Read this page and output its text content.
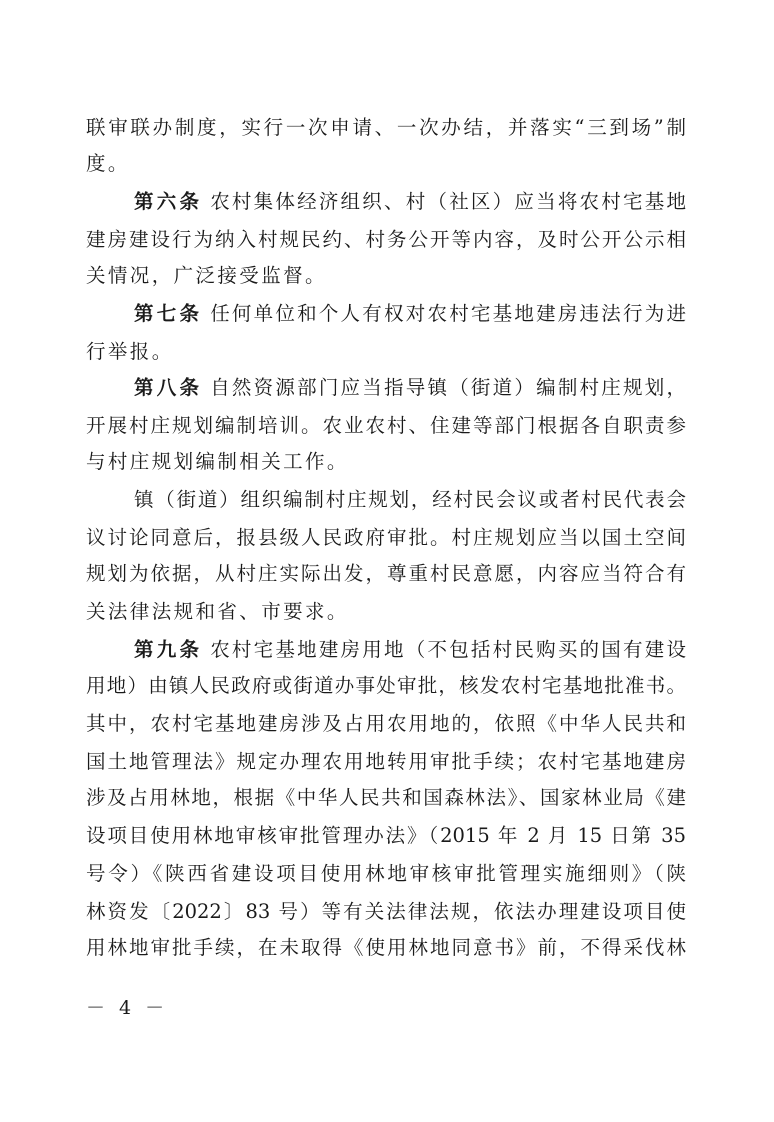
联审联办制度，实行一次申请、一次办结，并落实“三到场”制
度。
第六条 农村集体经济组织、村（社区）应当将农村宅基地
建房建设行为纳入村规民约、村务公开等内容，及时公开公示相
关情况，广泛接受监督。
第七条 任何单位和个人有权对农村宅基地建房违法行为进
行举报。
第八条 自然资源部门应当指导镇（街道）编制村庄规划，
开展村庄规划编制培训。农业农村、住建等部门根据各自职责参
与村庄规划编制相关工作。
镇（街道）组织编制村庄规划，经村民会议或者村民代表会
议讨论同意后，报县级人民政府审批。村庄规划应当以国土空间
规划为依据，从村庄实际出发，尊重村民意愿，内容应当符合有
关法律法规和省、市要求。
第九条 农村宅基地建房用地（不包括村民购买的国有建设
用地）由镇人民政府或街道办事处审批，核发农村宅基地批准书。
其中，农村宅基地建房涉及占用农用地的，依照《中华人民共和
国土地管理法》规定办理农用地转用审批手续；农村宅基地建房
涉及占用林地，根据《中华人民共和国森林法》、国家林业局《建
设项目使用林地审核审批管理办法》（2015 年 2 月 15 日第 35
号令）《陕西省建设项目使用林地审核审批管理实施细则》（陕
林资发〔2022〕83 号）等有关法律法规，依法办理建设项目使
用林地审批手续，在未取得《使用林地同意书》前，不得采伐林
－ 4 －
